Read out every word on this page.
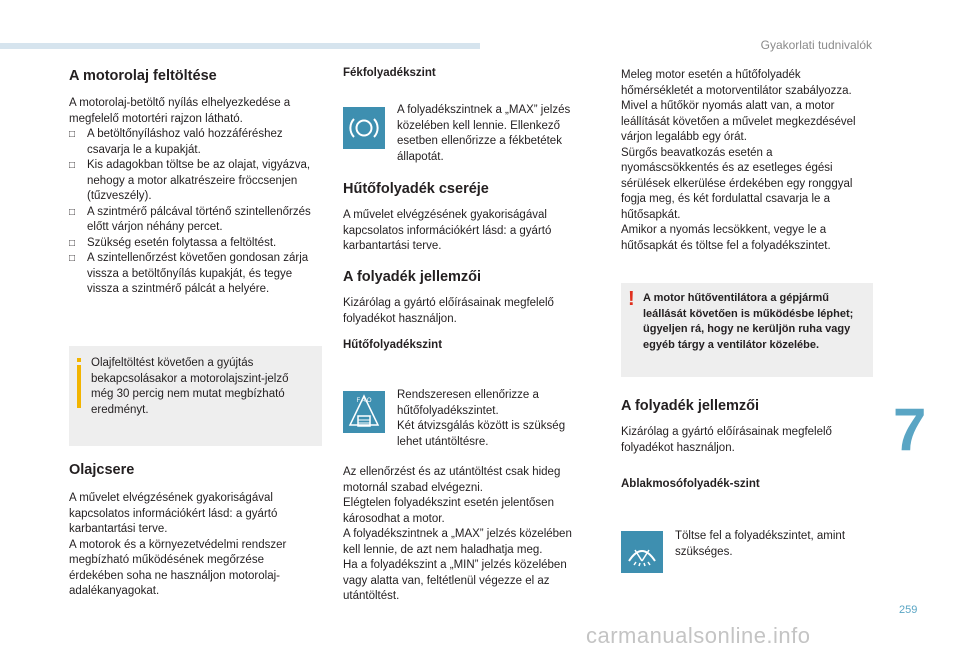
Gyakorlati tudnivalók
7
259
carmanualsonline.info
A motorolaj feltöltése

A motorolaj-betöltő nyílás elhelyezkedése a megfelelő motortéri rajzon látható.

□ A betöltőnyíláshoz való hozzáféréshez csavarja le a kupakját.
□ Kis adagokban töltse be az olajat, vigyázva, nehogy a motor alkatrészeire fröccsenjen (tűzveszély).
□ A szintmérő pálcával történő szintellenőrzés előtt várjon néhány percet.
□ Szükség esetén folytassa a feltöltést.
□ A szintellenőrzést követően gondosan zárja vissza a betöltőnyílás kupakját, és tegye vissza a szintmérő pálcát a helyére.
Olajfeltöltést követően a gyújtás bekapcsolásakor a motorolajszint-jelző még 30 percig nem mutat megbízható eredményt.
Olajcsere

A művelet elvégzésének gyakoriságával kapcsolatos információkért lásd: a gyártó karbantartási terve.

A motorok és a környezetvédelmi rendszer megbízható működésének megőrzése érdekében soha ne használjon motorolaj-adalékanyagokat.

Fékfolyadékszint
A folyadékszintnek a „MAX” jelzés közelében kell lennie. Ellenkező esetben ellenőrizze a fékbetétek állapotát.
Hűtőfolyadék cseréje

A művelet elvégzésének gyakoriságával kapcsolatos információkért lásd: a gyártó karbantartási terve.

A folyadék jellemzői

Kizárólag a gyártó előírásainak megfelelő folyadékot használjon.

Hűtőfolyadékszint
F A O Rendszeresen ellenőrizze a hűtőfolyadékszintet.

Két átvizsgálás között is szükség lehet utántöltésre.

Az ellenőrzést és az utántöltést csak hideg motornál szabad elvégezni.

Elégtelen folyadékszint esetén jelentősen károsodhat a motor.

A folyadékszintnek a „MAX” jelzés közelében kell lennie, de azt nem haladhatja meg.

Ha a folyadékszint a „MIN” jelzés közelében vagy alatta van, feltétlenül végezze el az utántöltést.

Meleg motor esetén a hűtőfolyadék hőmérsékletét a motorventilátor szabályozza.

Mivel a hűtőkör nyomás alatt van, a motor leállítását követően a művelet megkezdésével várjon legalább egy órát.

Sürgős beavatkozás esetén a nyomáscsökkentés és az esetleges égési sérülések elkerülése érdekében egy ronggyal fogja meg, és két fordulattal csavarja le a hűtősapkát.

Amikor a nyomás lecsökkent, vegye le a hűtősapkát és töltse fel a folyadékszintet.

! A motor hűtőventilátora a gépjármű leállását követően is működésbe léphet; ügyeljen rá, hogy ne kerüljön ruha vagy egyéb tárgy a ventilátor közelébe.
A folyadék jellemzői

Kizárólag a gyártó előírásainak megfelelő folyadékot használjon.

Ablakmosófolyadék-szint
Töltse fel a folyadékszintet, amint szükséges.
